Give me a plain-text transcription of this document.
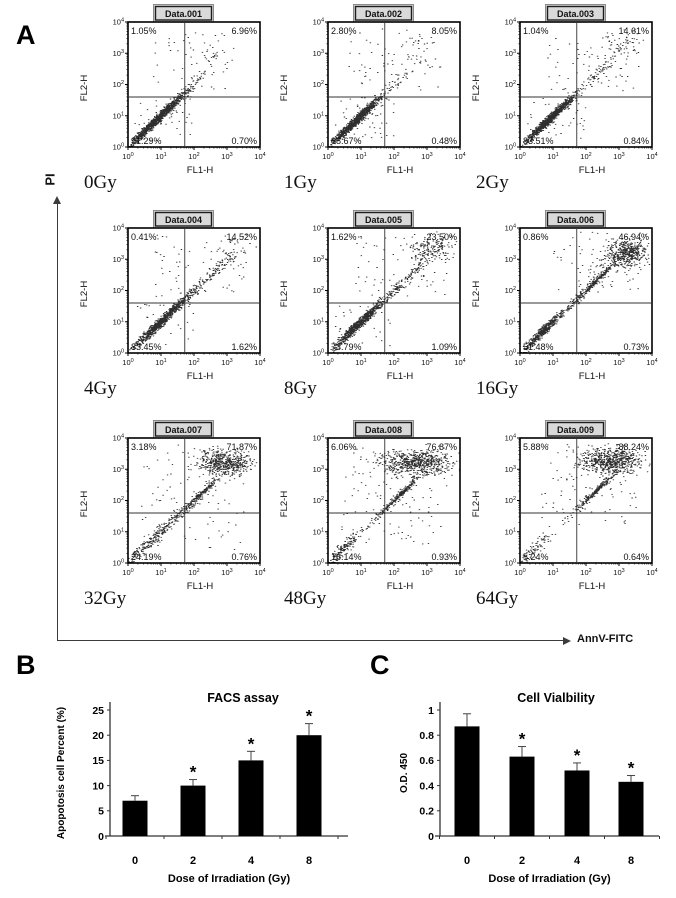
A
B	C
PI
AnnV-FITC
Data.001
$10^0$
$10^0$
$10^1$
$10^1$
$10^2$
$10^2$
$10^3$
$10^3$
$10^4$
$10^4$
FL2-H
FL1-H
1.05%	6.96%
91.29%	0.70%
0Gy
Data.002
$10^0$
$10^0$
$10^1$
$10^1$
$10^2$
$10^2$
$10^3$
$10^3$
$10^4$
$10^4$
FL2-H
FL1-H
2.80%	8.05%
88.67%	0.48%
1Gy
Data.003
$10^0$
$10^0$
$10^1$
$10^1$
$10^2$
$10^2$
$10^3$
$10^3$
$10^4$
$10^4$
FL2-H
FL1-H
1.04%	14.61%
83.51%	0.84%
2Gy
Data.004
$10^0$
$10^0$
$10^1$
$10^1$
$10^2$
$10^2$
$10^3$
$10^3$
$10^4$
$10^4$
FL2-H
FL1-H
0.41%	14.52%
83.45%	1.62%
4Gy
Data.005
$10^0$
$10^0$
$10^1$
$10^1$
$10^2$
$10^2$
$10^3$
$10^3$
$10^4$
$10^4$
FL2-H
FL1-H
1.62%	23.50%
73.79%	1.09%
8Gy
Data.006
$10^0$
$10^0$
$10^1$
$10^1$
$10^2$
$10^2$
$10^3$
$10^3$
$10^4$
$10^4$
FL2-H
FL1-H
0.86%	46.94%
51.48%	0.73%
16Gy
Data.007
$10^0$
$10^0$
$10^1$
$10^1$
$10^2$
$10^2$
$10^3$
$10^3$
$10^4$
$10^4$
FL2-H
FL1-H
3.18%	71.87%
24.19%	0.76%
32Gy
Data.008
$10^0$
$10^0$
$10^1$
$10^1$
$10^2$
$10^2$
$10^3$
$10^3$
$10^4$
$10^4$
FL2-H
FL1-H
6.06%	76.87%
16.14%	0.93%
48Gy
Data.009
$10^0$
$10^0$
$10^1$
$10^1$
$10^2$
$10^2$
$10^3$
$10^3$
$10^4$
$10^4$
FL2-H
FL1-H
5.88%	88.24%
5.24%	0.64%
64Gy
FACS assay
Apopotosis cell Percent (%)
Dose of Irradiation (Gy)
0
5
10
15
20
25
0
*
2
*
4
*
8
Cell Vialbility
O.D. 450
Dose of Irradiation (Gy)
0
0.2
0.4
0.6
0.8
1
0
*
2
*
4
*
8
